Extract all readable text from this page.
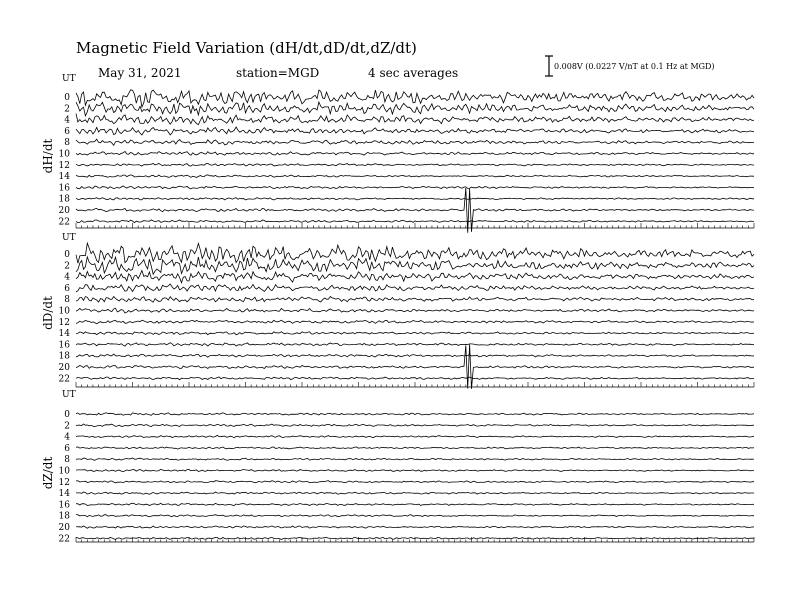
Magnetic Field Variation (dH/dt,dD/dt,dZ/dt)
May 31, 2021	station=MGD	4 sec averages	0.008V (0.0227 V/nT at 0.1 Hz at MGD)
UT
dH/dt
0
2
4
6
8
10
12
14
16
18
20
22
UT
dD/dt
0
2
4
6
8
10
12
14
16
18
20
22
UT
dZ/dt
0
2
4
6
8
10
12
14
16
18
20
22
